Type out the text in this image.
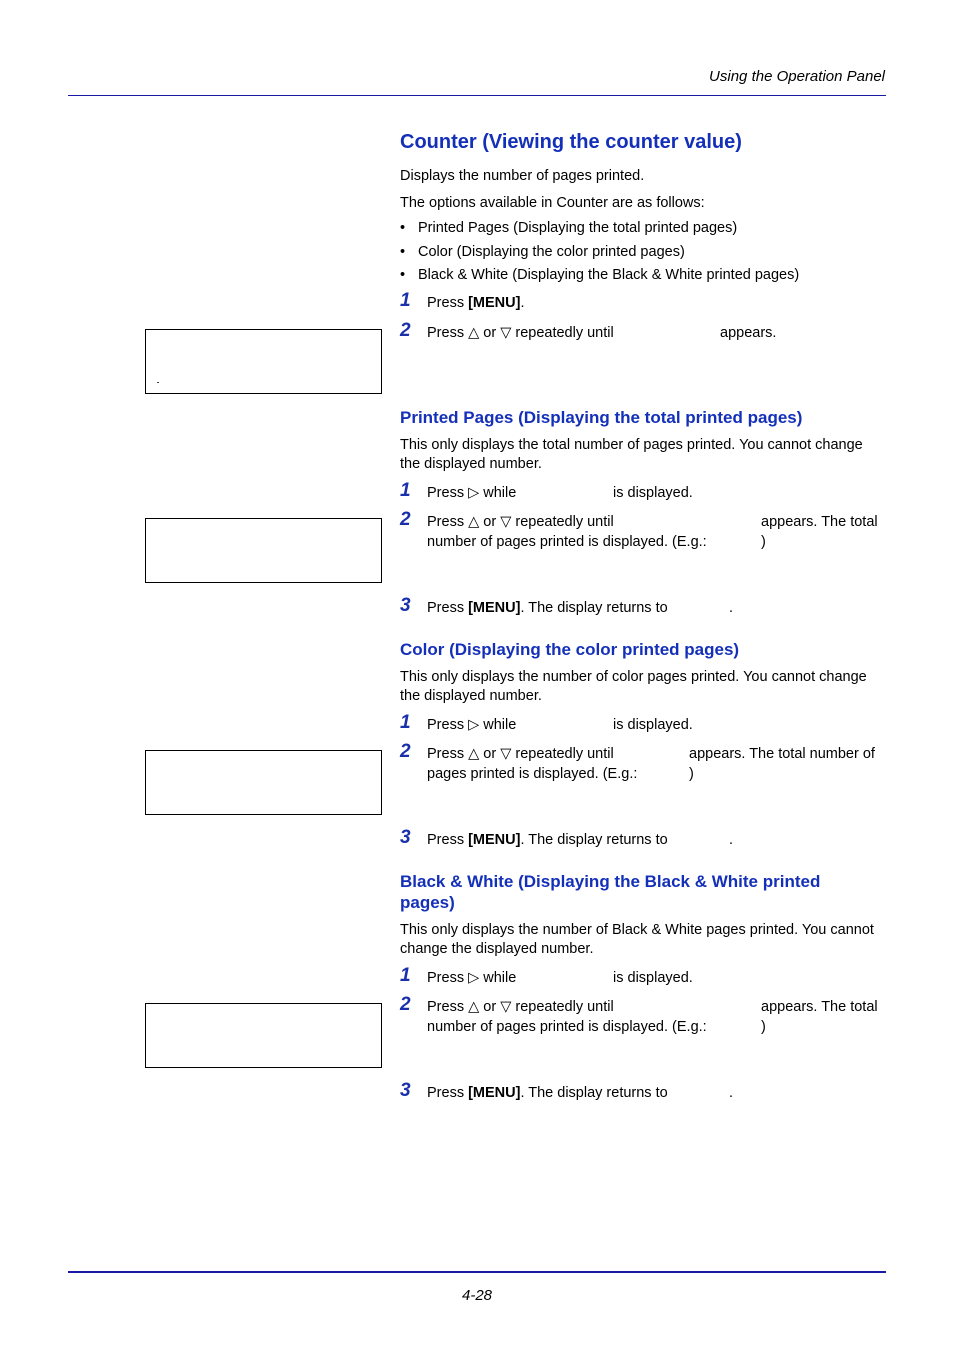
Using the Operation Panel
Counter (Viewing the counter value)
Displays the number of pages printed.
The options available in Counter are as follows:
• Printed Pages (Displaying the total printed pages)
• Color (Displaying the color printed pages)
• Black & White (Displaying the Black & White printed pages)
1 Press [MENU].
2 Press △ or ▽ repeatedly until	appears.
Printed Pages (Displaying the total printed pages)
This only displays the total number of pages printed. You cannot change
the displayed number.
1 Press ▷ while	is displayed.
2 Press △ or ▽ repeatedly until	appears. The total
number of pages printed is displayed. (E.g.:	)
3 Press [MENU]. The display returns to	.
Color (Displaying the color printed pages)
This only displays the number of color pages printed. You cannot change
the displayed number.
1 Press ▷ while	is displayed.
2 Press △ or ▽ repeatedly until	appears. The total number of
pages printed is displayed. (E.g.:	)
3 Press [MENU]. The display returns to	.
Black & White (Displaying the Black & White printed
pages)
This only displays the number of Black & White pages printed. You cannot
change the displayed number.
1 Press ▷ while	is displayed.
2 Press △ or ▽ repeatedly until	appears. The total
number of pages printed is displayed. (E.g.:	)
3 Press [MENU]. The display returns to	.
4-28
